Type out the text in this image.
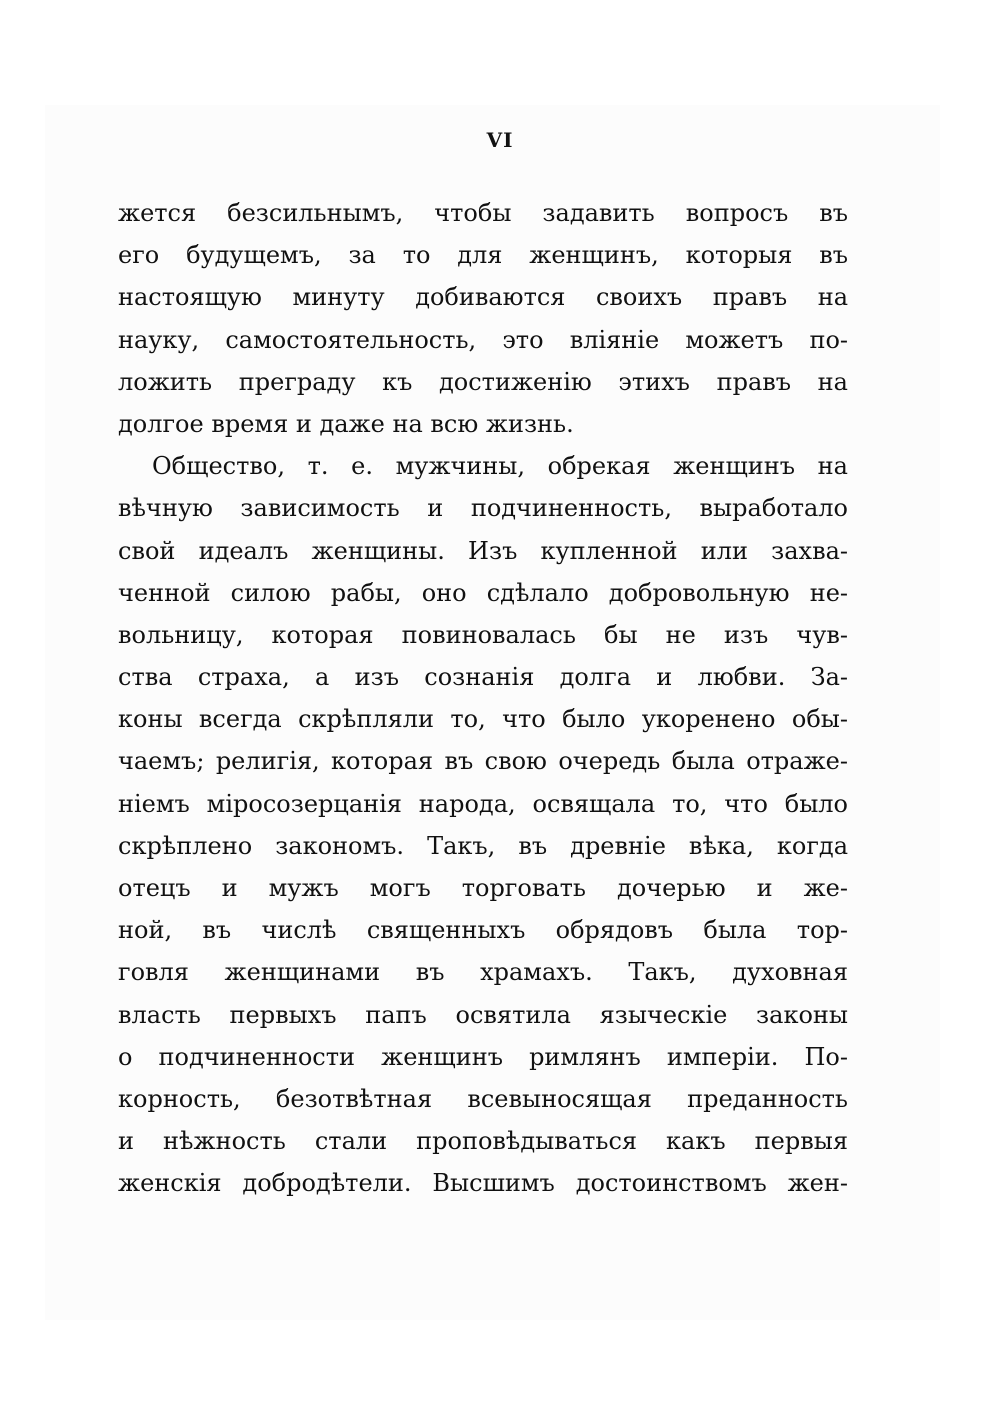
VI
жется безсильнымъ, чтобы задавить вопросъ въ
его будущемъ, за то для женщинъ, которыя въ
настоящую минуту добиваются своихъ правъ на
науку, самостоятельность, это вліяніе можетъ по-
ложить преграду къ достиженію этихъ правъ на
долгое время и даже на всю жизнь.
Общество, т. е. мужчины, обрекая женщинъ на
вѣчную зависимость и подчиненность, выработало
свой идеалъ женщины. Изъ купленной или захва-
ченной силою рабы, оно сдѣлало добровольную не-
вольницу, которая повиновалась бы не изъ чув-
ства страха, а изъ сознанія долга и любви. За-
коны всегда скрѣпляли то, что было укоренено обы-
чаемъ; религія, которая въ свою очередь была отраже-
ніемъ міросозерцанія народа, освящала то, что было
скрѣплено закономъ. Такъ, въ древніе вѣка, когда
отецъ и мужъ могъ торговать дочерью и же-
ной, въ числѣ священныхъ обрядовъ была тор-
говля женщинами въ храмахъ. Такъ, духовная
власть первыхъ папъ освятила языческіе законы
о подчиненности женщинъ римлянъ имперіи. По-
корность, безотвѣтная всевыносящая преданность
и нѣжность стали проповѣдываться какъ первыя
женскія добродѣтели. Высшимъ достоинствомъ жен-
